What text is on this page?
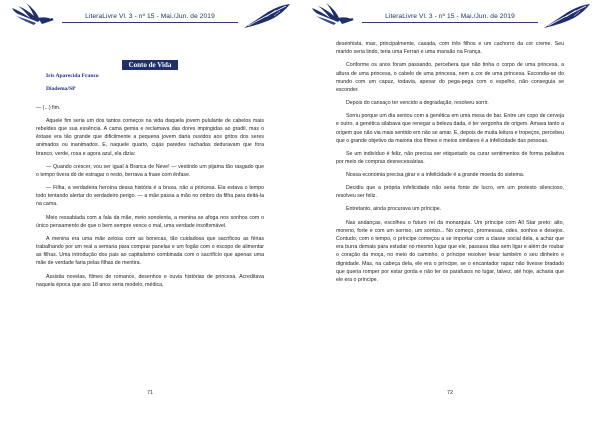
LiteraLivre Vl. 3 - nº 15 - Mai./Jun. de 2019
Conto de Vida

Iris Aparecida Franco

Diadema/SP

— (...) fim.

Aquele fim seria um dos tantos começos na vida daquela jovem pululante de cabelos mais rebeldes que sua essência. A cama gemia e reclamava das dores impingidas ao gradil, mas o êxtase era tão grande que dificilmente a pequena jovem daria ouvidos aos gritos dos seres animados ou inanimados. E, naquele quarto, cujas paredes rachadas deduravam que fora branco, verde, rosa e agora azul, ela dizia:

— Quando crescer, vou ser igual à Branca de Neve! — vestindo um pijama tão rasgado que o tempo tivera dó de estragar o resto, berrava a frase com ênfase.

— Filha, a verdadeira heroína dessa história é a bruxa, não a princesa. Ela estava o tempo todo tentando alertar do verdadeiro perigo. — a mãe passa a mão no ombro da filha para deitá-la na cama.

Meio ressabiada com a fala da mãe, meio sonolenta, a menina se afoga nos sonhos com o único pensamento de que o bem sempre vence o mal, uma verdade insofismável.

A menina era uma mãe zelosa com as bonecas, tão cuidadosa que sacrificou as férias trabalhando por um real a semana para comprar panelas e um fogão com o escopo de alimentar as filhas. Uma introdução dos pais ao capitalismo combinada com o sacrifício que apenas uma mãe de verdade faria pelas filhas de mentira.

Assistia novelas, filmes de romance, desenhos e ouvia histórias de princesa. Acreditava naquela época que aos 18 anos seria modelo, médica,

71
LiteraLivre Vl. 3 - nº 15 - Mai./Jun. de 2019

desenhista, mas, principalmente, casada, com três filhos e um cachorro da cor creme. Seu marido seria lindo, teria uma Ferrari e uma mansão na França.

Conforme os anos foram passando, percebera que não tinha o corpo de uma princesa, a altura de uma princesa, o cabelo de uma princesa, nem a cor de uma princesa. Escondia-se do mundo com um capuz, todavia, apesar do pega-pega com o espelho, não conseguia se esconder.

Depois do cansaço ter vencido a degradação, resolveu sorrir.

Sorriu porque um dia sentou com a genética em uma mesa de bar. Entre um copo de cerveja e outro, a genética silabava que renegar a beleza dada, é ter vergonha de origem. Amava tanto a origem que não via mais sentido em não se amar. E, depois de muita leitura e tropeços, percebeu que o grande objetivo da maioria dos filmes e meios similares é a infelicidade das pessoas.

Se um indivíduo é feliz, não precisa ser etiquetado ou curar sentimentos de forma paliativa por meio de compras desnecessárias.

Nossa economia precisa girar e a infelicidade é a grande moeda do sistema.

Decidiu que a própria infelicidade não seria fonte de lucro, em um protesto silencioso, resolveu ser feliz.

Entretanto, ainda procurava um príncipe.

Nas andanças, escolheu o futuro rei da monarquia. Um príncipe com All Star preto: alto, moreno, forte e com um sorriso, um sorriso... No começo, promessas, odes, sonhos e desejos. Contudo, com o tempo, o príncipe começou a se importar com a classe social dela, a achar que era burra demais para estudar no mesmo lugar que ele, passava dias sem ligar e além de roubar o coração da moça, no meio do caminho, o príncipe resolver levar também o seu dinheiro e dignidade. Mas, na cabeça dela, ele era o príncipe, se o encantador rapaz não tivesse bradado que queria romper por estar gorda e não ter os parafusos no lugar, talvez, até hoje, acharia que ele era o príncipe.

72
